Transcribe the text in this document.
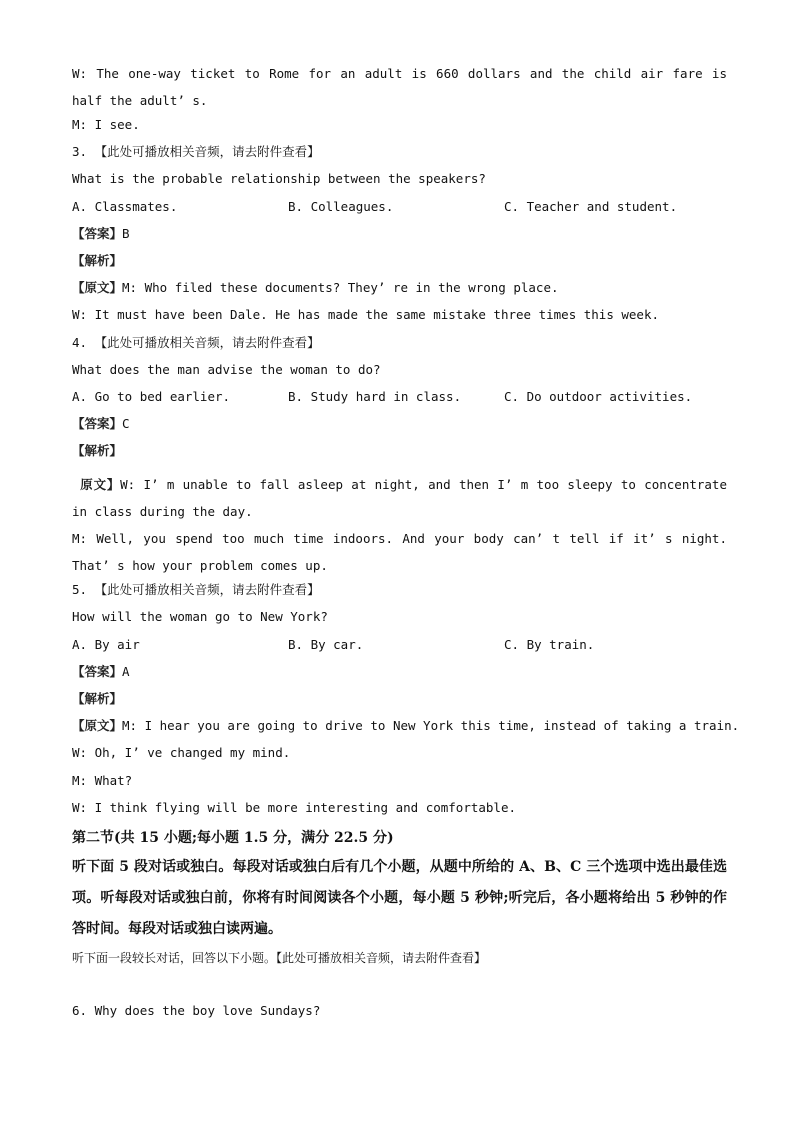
W: The one-way ticket to Rome for an adult is 660 dollars and the child air fare is half the adult’ s.
M: I see.
3. 【此处可播放相关音频，请去附件查看】
What is the probable relationship between the speakers?
A. Classmates.	B. Colleagues.	C. Teacher and student.
【答案】B
【解析】
【原文】M: Who filed these documents? They’ re in the wrong place.
W: It must have been Dale. He has made the same mistake three times this week.
4. 【此处可播放相关音频，请去附件查看】
What does the man advise the woman to do?
A. Go to bed earlier.	B. Study hard in class.	C. Do outdoor activities.
【答案】C
【解析】
原文】W: I’ m unable to fall asleep at night, and then I’ m too sleepy to concentrate in class during the day.
M: Well, you spend too much time indoors. And your body can’ t tell if it’ s night. That’ s how your problem comes up.
5. 【此处可播放相关音频，请去附件查看】
How will the woman go to New York?
A. By air	B. By car.	C. By train.
【答案】A
【解析】
【原文】M: I hear you are going to drive to New York this time, instead of taking a train.
W: Oh, I’ ve changed my mind.
M: What?
W: I think flying will be more interesting and comfortable.
第二节(共 15 小题;每小题 1.5 分，满分 22.5 分)
听下面 5 段对话或独白。每段对话或独白后有几个小题，从题中所给的 A、B、C 三个选项中选出最佳选项。听每段对话或独白前，你将有时间阅读各个小题，每小题 5 秒钟;听完后，各小题将给出 5 秒钟的作答时间。每段对话或独白读两遍。
听下面一段较长对话，回答以下小题。【此处可播放相关音频，请去附件查看】
6. Why does the boy love Sundays?
